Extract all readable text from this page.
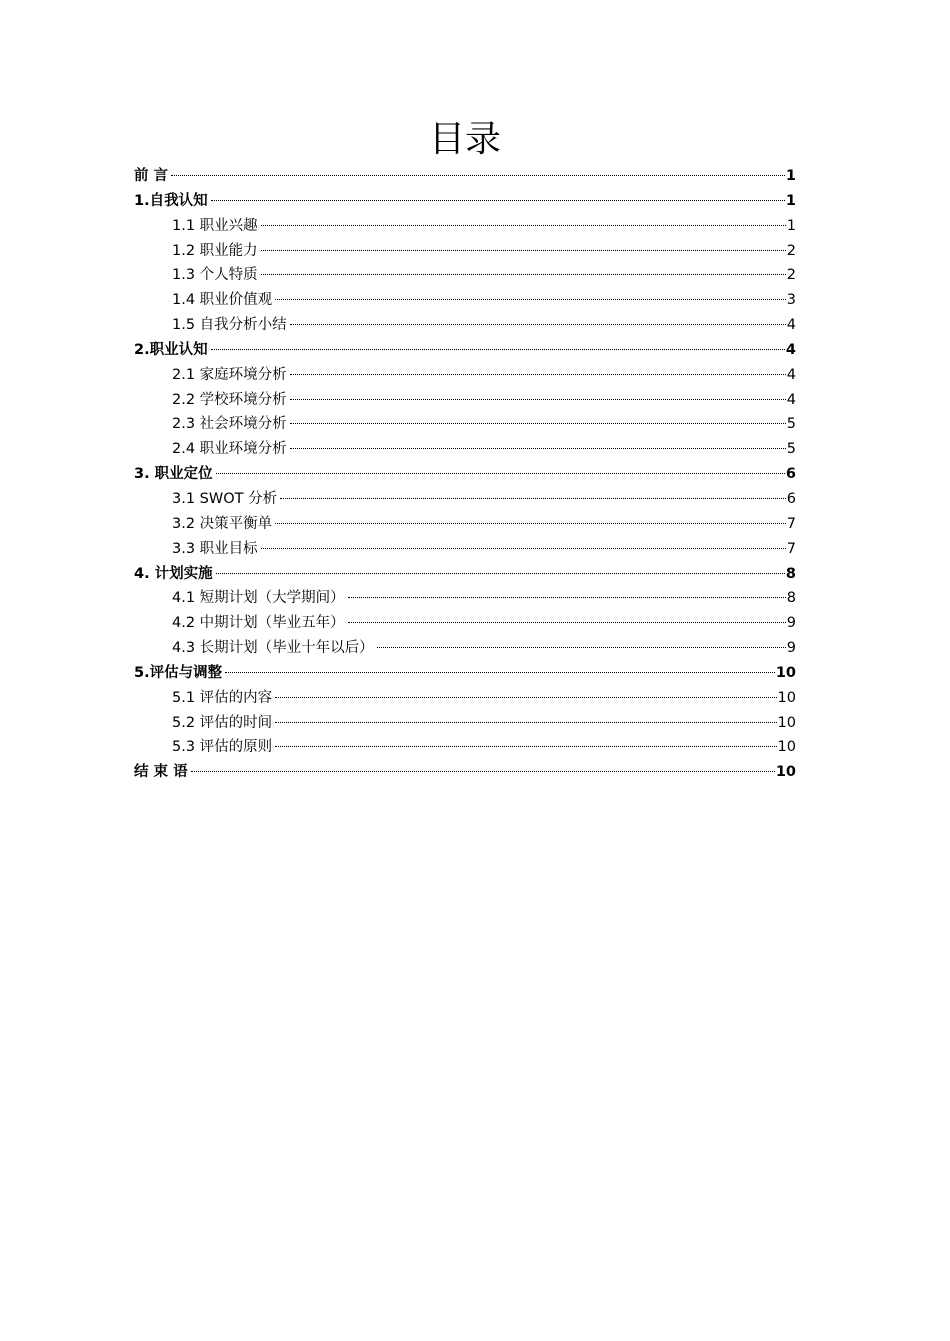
目录
前 言	1
1.自我认知	1
1.1 职业兴趣	1
1.2 职业能力	2
1.3 个人特质	2
1.4 职业价值观	3
1.5 自我分析小结	4
2.职业认知	4
2.1 家庭环境分析	4
2.2 学校环境分析	4
2.3 社会环境分析	5
2.4 职业环境分析	5
3. 职业定位	6
3.1 SWOT 分析	6
3.2 决策平衡单	7
3.3 职业目标	7
4. 计划实施	8
4.1 短期计划（大学期间）	8
4.2 中期计划（毕业五年）	9
4.3 长期计划（毕业十年以后）	9
5.评估与调整	10
5.1 评估的内容	10
5.2 评估的时间	10
5.3 评估的原则	10
结 束 语	10
